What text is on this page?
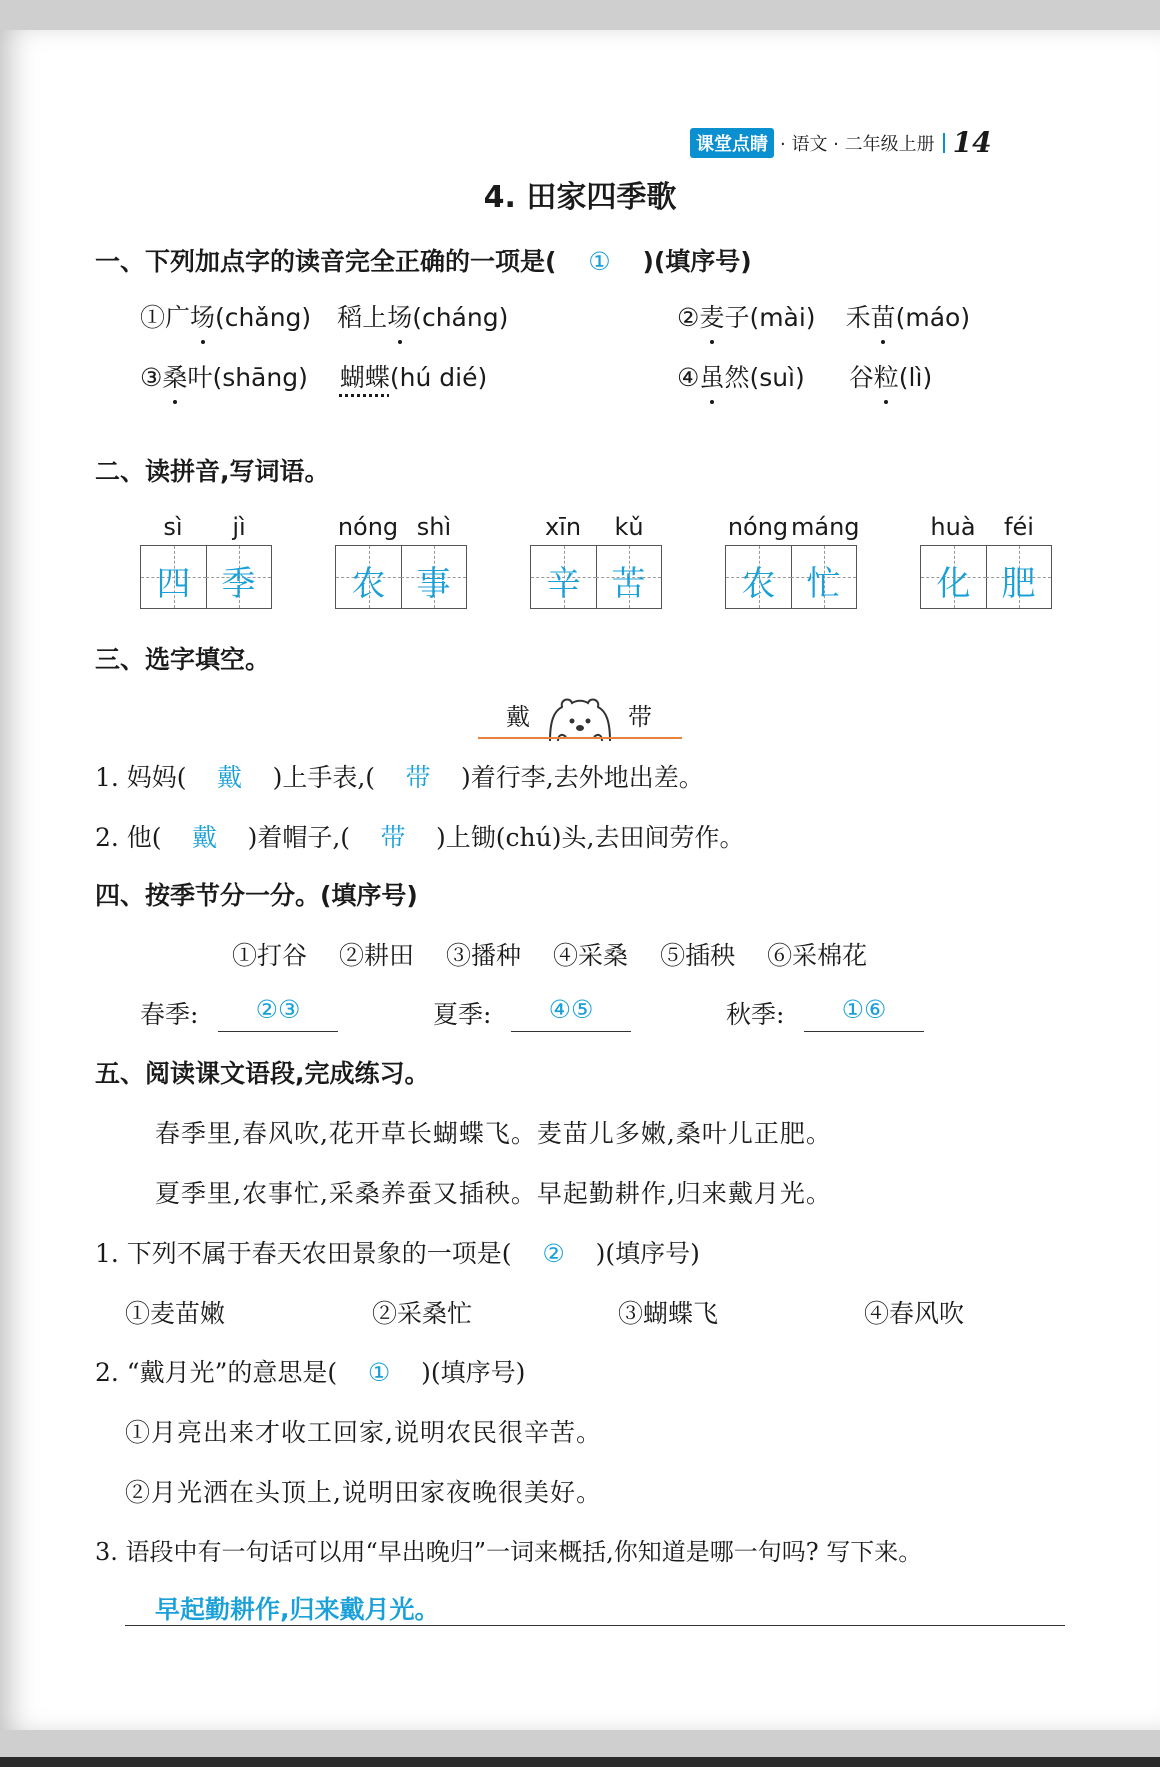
课堂点睛 · 语文 · 二年级上册 14
4. 田家四季歌
一、下列加点字的读音完全正确的一项是( ① )(填序号)
①广场(chǎng) 稻上场(cháng)	②麦子(mài) 禾苗(máo)
③桑叶(shāng) 蝴蝶(hú dié)	④虽然(suì) 谷粒(lì)
二、读拼音,写词语。
sì	jì
四 季
nóng shì
农 事
xīn	kǔ
辛 苦
nóng máng
农 忙
huà	féi
化 肥
三、选字填空。
戴	带
1. 妈妈( 戴 )上手表,( 带 )着行李,去外地出差。
2. 他( 戴 )着帽子,( 带 )上锄(chú)头,去田间劳作。
四、按季节分一分。(填序号)
①打谷 ②耕田 ③播种 ④采桑 ⑤插秧 ⑥采棉花
春季:	②③	夏季:	④⑤	秋季:	①⑥
五、阅读课文语段,完成练习。
春季里,春风吹,花开草长蝴蝶飞。麦苗儿多嫩,桑叶儿正肥。
夏季里,农事忙,采桑养蚕又插秧。早起勤耕作,归来戴月光。
1. 下列不属于春天农田景象的一项是( ② )(填序号)
①麦苗嫩	②采桑忙	③蝴蝶飞	④春风吹
2. “戴月光”的意思是( ① )(填序号)
①月亮出来才收工回家,说明农民很辛苦。
②月光洒在头顶上,说明田家夜晚很美好。
3. 语段中有一句话可以用“早出晚归”一词来概括,你知道是哪一句吗? 写下来。
早起勤耕作,归来戴月光。
